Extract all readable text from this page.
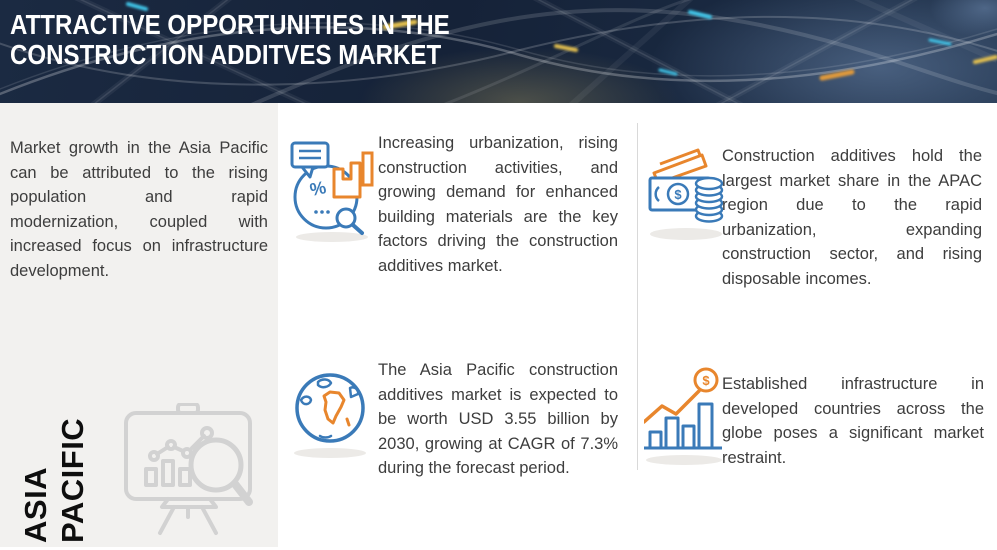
ATTRACTIVE OPPORTUNITIES IN THE
CONSTRUCTION ADDITVES MARKET

Market growth in the Asia Pacific can be attributed to the rising population and rapid modernization, coupled with increased focus on infrastructure development.

ASIA PACIFIC
%

Increasing urbanization, rising construction activities, and growing demand for enhanced building materials are the key factors driving the construction additives market.

$

Construction additives hold the largest market share in the APAC region due to the rapid urbanization, expanding construction sector, and rising disposable incomes.

The Asia Pacific construction additives market is expected to be worth USD 3.55 billion by 2030, growing at CAGR of 7.3% during the forecast period.

$ Established infrastructure in developed countries across the globe poses a significant market restraint.
